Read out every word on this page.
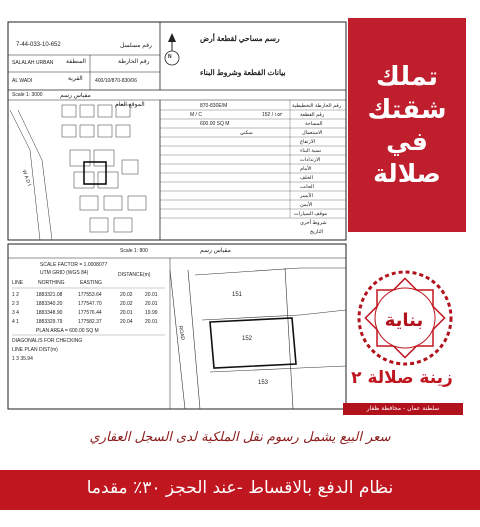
رسم مساحي لقطعة أرض
بيانات القطعة وشروط البناء
رقم مسلسل
7-44-033-10-652
المنطقة
SALALAH URBAN
القرية
AL WADI
رقم الخارطة
400/10/870-830/06
N
مقياس رسم
Scale 1: 3000
الموقع العام
W A D I
رقم الخارطة التخطيطية
870-830E/M
رقم القطعة
152 / ١٥٢
M / C
المساحة
600.00 SQ M
الاستعمال
سكني
الارتفاع
نسبة البناء
الارتدادات
الأمام
الخلف
الجانب
الأيسر
الأيمن
موقف السيارات
شروط أخرى
التاريخ
مقياس رسم
Scale 1: 800
SCALE FACTOR = 1.0008077
UTM GRID (WGS 84)
LINE	NORTHING	EASTING
DISTANCE(m)
1 2	1883321.08	177553.64	20.02 20.01
2 3	1883340.20	177547.70	20.02 20.01
3 4	1883348.90	177576.44	20.01 19.99
4 1	1883329.79	177582.37	20.04 20.01
PLAN AREA = 600.00 SQ M
DIAGONAL/S FOR CHECKING
LINE PLAN DIST(m)
1 3 35.94
151
152
153
ROAD
تملك
شقتك
في صلالة
بناية
زينة صلالة ٢
سلطنة عمان - محافظة ظفار
سعر البيع يشمل رسوم نقل الملكية لدى السجل العقاري
نظام الدفع بالاقساط -عند الحجز ٣٠٪ مقدما
